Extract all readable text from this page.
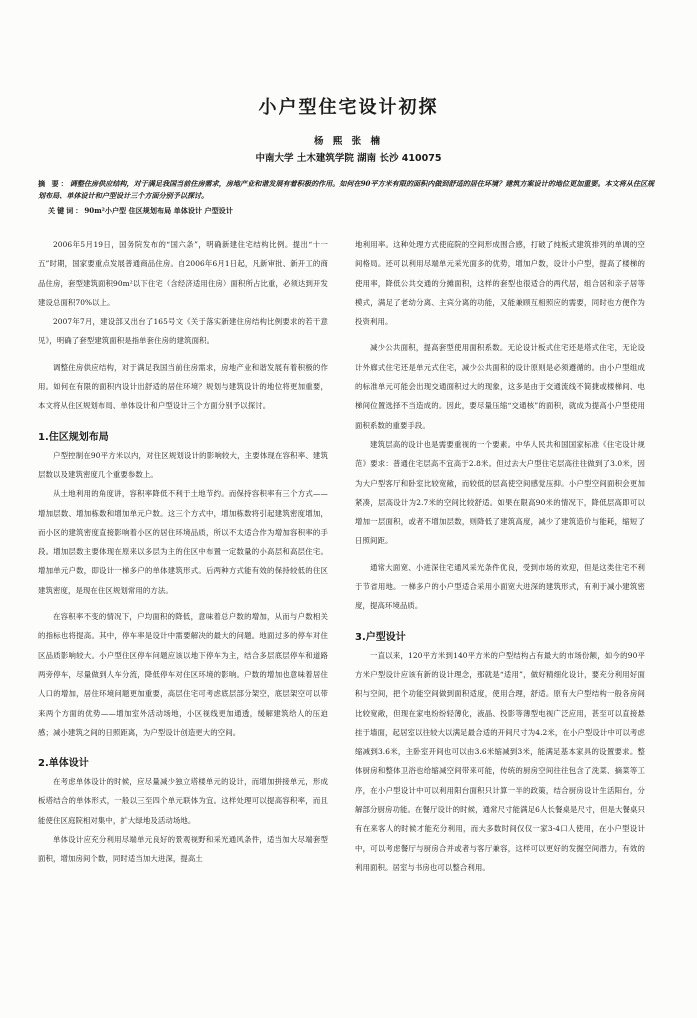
小户型住宅设计初探
杨 熙 张 楠
中南大学 土木建筑学院 湖南 长沙 410075
摘 要：调整住房供应结构，对于满足我国当前住房需求，房地产业和谐发展有着积极的作用。如何在90平方米有限的面积内做到舒适的居住环境？建筑方案设计的地位更加重要。本文将从住区规划布局、单体设计和户型设计三个方面分别予以探讨。
关键词：90m²小户型 住区规划布局 单体设计 户型设计

2006年5月19日，国务院发布的“国六条”，明确新建住宅结构比例。提出“十一五”时期，国家要重点发展普通商品住房。自2006年6月1日起，凡新审批、新开工的商品住房，套型建筑面积90m²以下住宅（含经济适用住房）面积所占比重，必须达到开发建设总面积70%以上。

2007年7月，建设部又出台了165号文《关于落实新建住房结构比例要求的若干意见》，明确了套型建筑面积是指单套住房的建筑面积。

调整住房供应结构，对于满足我国当前住房需求，房地产业和谐发展有着积极的作用。如何在有限的面积内设计出舒适的居住环境？规划与建筑设计的地位将更加重要，本文将从住区规划布局、单体设计和户型设计三个方面分别予以探讨。

1.住区规划布局

户型控制在90平方米以内，对住区规划设计的影响较大，主要体现在容积率、建筑层数以及建筑密度几个重要参数上。

从土地利用的角度讲，容积率降低不利于土地节约。而保持容积率有三个方式——增加层数、增加栋数和增加单元户数。这三个方式中，增加栋数将引起建筑密度增加，而小区的建筑密度直接影响着小区的居住环境品质，所以不太适合作为增加容积率的手段。增加层数主要体现在原来以多层为主的住区中布置一定数量的小高层和高层住宅。增加单元户数，即设计一梯多户的单体建筑形式。后两种方式能有效的保持较低的住区建筑密度，是现在住区规划常用的方法。

在容积率不变的情况下，户均面积的降低，意味着总户数的增加，从而与户数相关的指标也将提高。其中，停车率是设计中需要解决的最大的问题。地面过多的停车对住区品质影响较大。小户型住区停车问题应该以地下停车为主，结合多层底层停车和道路两旁停车，尽量做到人车分流，降低停车对住区环境的影响。户数的增加也意味着居住人口的增加，居住环境问题更加重要，高层住宅可考虑底层部分架空，底层架空可以带来两个方面的优势——增加室外活动场地，小区视线更加通透，缓解建筑给人的压迫感；减小建筑之间的日照距离，为户型设计创造更大的空间。

2.单体设计

在考虑单体设计的时候，应尽量减少独立塔楼单元的设计，而增加拼接单元，形成板塔结合的单体形式，一般以三至四个单元联体为宜。这样处理可以提高容积率，而且能使住区庭院相对集中，扩大绿地及活动场地。

单体设计应充分利用尽端单元良好的景观视野和采光通风条件，适当加大尽端套型面积，增加房间个数，同时适当加大进深，提高土

地利用率。这种处理方式使庭院的空间形成围合感，打破了纯板式建筑排列的单调的空间格局。还可以利用尽端单元采光面多的优势，增加户数，设计小户型，提高了楼梯的使用率，降低公共交通的分摊面积，这样的套型也很适合的两代居，组合居和亲子居等模式，满足了老幼分离、主宾分离的功能，又能兼顾互相照应的需要，同时也方便作为投资利用。

减少公共面积，提高套型使用面积系数。无论设计板式住宅还是塔式住宅，无论设计外廊式住宅还是单元式住宅，减少公共面积的设计原则是必须遵循的。由小户型组成的标准单元可能会出现交通面积过大的现象，这多是由于交通流线不简捷或楼梯间、电梯间位置选择不当造成的。因此，要尽量压缩“交通核”的面积，就成为提高小户型使用面积系数的重要手段。

建筑层高的设计也是需要重视的一个要素。中华人民共和国国家标准《住宅设计规范》要求：普通住宅层高不宜高于2.8米。但过去大户型住宅层高往往做到了3.0米，因为大户型客厅和卧室比较宽敞，而较低的层高使空间感觉压抑。小户型空间面积会更加紧凑，层高设计为2.7米的空间比较舒适。如果在限高90米的情况下，降低层高即可以增加一层面积，或者不增加层数，则降低了建筑高度，减少了建筑造价与能耗，缩短了日照间距。

通常大面宽、小进深住宅通风采光条件优良，受到市场的欢迎，但是这类住宅不利于节省用地。一梯多户的小户型适合采用小面宽大进深的建筑形式，有利于减小建筑密度，提高环境品质。

3.户型设计

一直以来，120平方米到140平方米的户型结构占有最大的市场份额，如今的90平方米户型设计应该有新的设计理念，那就是“适用”，做好精细化设计，要充分利用好面积与空间，把个功能空间做到面积适度，使用合理，舒适。原有大户型结构一般各房间比较宽敞，但现在家电纷纷轻薄化，液晶、投影等薄型电视广泛应用，甚至可以直接悬挂于墙面，起居室以往较大以满足最合适的开间尺寸为4.2米，在小户型设计中可以考虑缩减到3.6米，主卧室开间也可以由3.6米缩减到3米，能满足基本家具的设置要求。整体厨房和整体卫浴也给缩减空间带来可能，传统的厨房空间往往包含了洗菜、摘菜等工序，在小户型设计中可以利用阳台面积只计算一半的政策，结合厨房设计生活阳台，分解部分厨房功能。在餐厅设计的时候，通常尺寸能满足6人长餐桌是尺寸，但是大餐桌只有在来客人的时候才能充分利用，而大多数时间仅仅一家3-4口人使用，在小户型设计中，可以考虑餐厅与厨房合并或者与客厅兼容，这样可以更好的发掘空间潜力，有效的利用面积。居室与书房也可以整合利用。
